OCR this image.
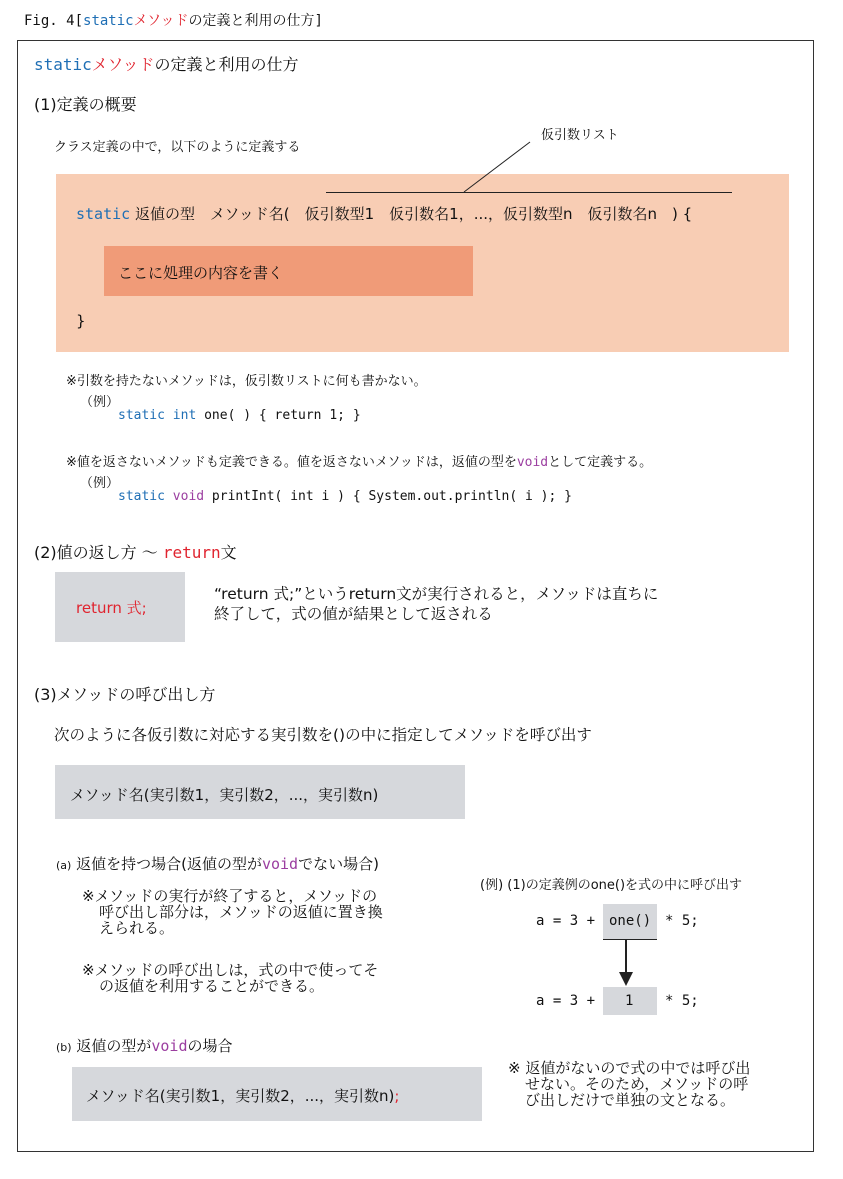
Fig. 4[staticメソッドの定義と利用の仕方]
staticメソッドの定義と利用の仕方
(1)定義の概要
クラス定義の中で，以下のように定義する
仮引数リスト
static 返値の型　メソッド名(　仮引数型1　仮引数名1，...，仮引数型n　仮引数名n　) {
ここに処理の内容を書く
}
※引数を持たないメソッドは，仮引数リストに何も書かない。
（例）
static int one( ) { return 1; }
※値を返さないメソッドも定義できる。値を返さないメソッドは，返値の型をvoidとして定義する。
（例）
static void printInt( int i ) { System.out.println( i ); }
(2)値の返し方 〜 return文
return 式;
“return 式;”というreturn文が実行されると，メソッドは直ちに
終了して，式の値が結果として返される
(3)メソッドの呼び出し方
次のように各仮引数に対応する実引数を()の中に指定してメソッドを呼び出す
メソッド名(実引数1，実引数2，...，実引数n)
(a) 返値を持つ場合(返値の型がvoidでない場合)
※メソッドの実行が終了すると，メソッドの
呼び出し部分は，メソッドの返値に置き換
えられる。
※メソッドの呼び出しは，式の中で使ってそ
の返値を利用することができる。
(例) (1)の定義例のone()を式の中に呼び出す
a = 3 + one() * 5;
a = 3 + 1 * 5;
(b) 返値の型がvoidの場合
メソッド名(実引数1，実引数2，...，実引数n);
※ 返値がないので式の中では呼び出
せない。そのため，メソッドの呼
び出しだけで単独の文となる。
